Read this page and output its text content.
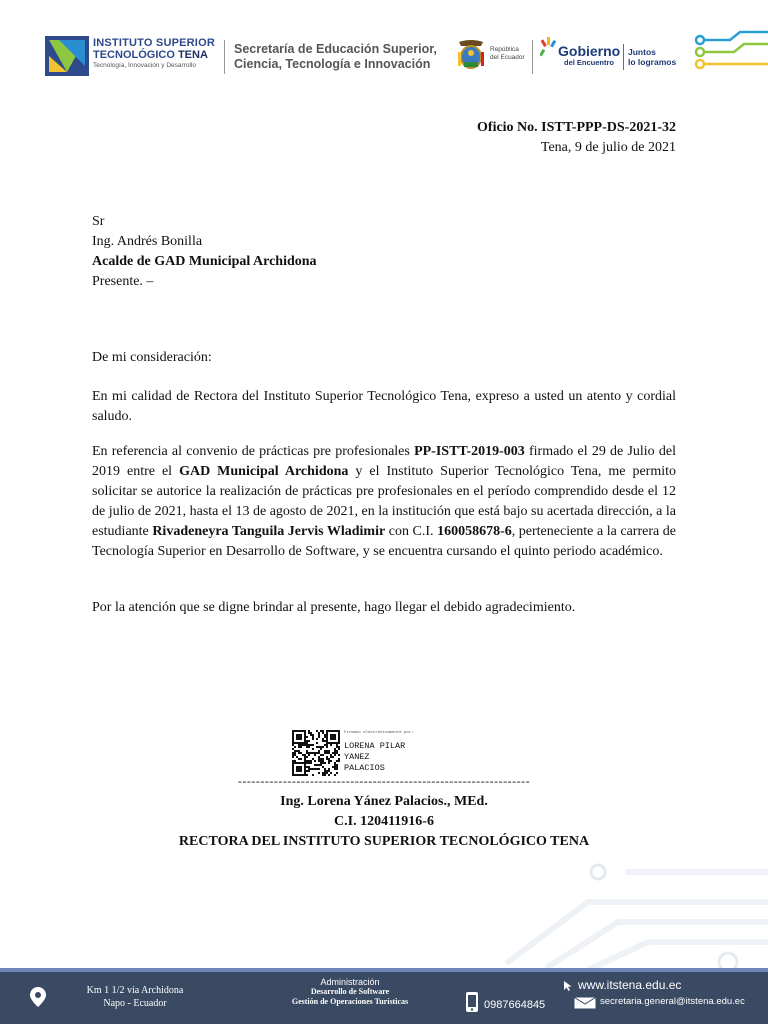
INSTITUTO SUPERIOR
TECNOLÓGICO TENA
Tecnología, Innovación y Desarrollo
Secretaría de Educación Superior,
Ciencia, Tecnología e Innovación
República
del Ecuador Gobierno
del Encuentro
Juntos
lo logramos

Oficio No. ISTT-PPP-DS-2021-32

Tena, 9 de julio de 2021

Sr

Ing. Andrés Bonilla

Acalde de GAD Municipal Archidona

Presente. –

De mi consideración:

En mi calidad de Rectora del Instituto Superior Tecnológico Tena, expreso a usted un atento y cordial saludo.

En referencia al convenio de prácticas pre profesionales PP-ISTT-2019-003 firmado el 29 de Julio del 2019 entre el GAD Municipal Archidona y el Instituto Superior Tecnológico Tena, me permito solicitar se autorice la realización de prácticas pre profesionales en el período comprendido desde el 12 de julio de 2021, hasta el 13 de agosto de 2021, en la institución que está bajo su acertada dirección, a la estudiante Rivadeneyra Tanguila Jervis Wladimir con C.I. 160058678-6, perteneciente a la carrera de Tecnología Superior en Desarrollo de Software, y se encuentra cursando el quinto periodo académico.

Por la atención que se digne brindar al presente, hago llegar el debido agradecimiento.

Firmado electrónicamente por:
LORENA PILAR
YANEZ
PALACIOS
-----------------------------------------------------------------
Ing. Lorena Yánez Palacios., MEd.
C.I. 120411916-6
RECTORA DEL INSTITUTO SUPERIOR TECNOLÓGICO TENA
Km 1 1/2 vía Archidona
Napo - Ecuador
Administración
Desarrollo de Software
Gestión de Operaciones Turísticas	0987664845
www.itstena.edu.ec
secretaria.general@itstena.edu.ec
